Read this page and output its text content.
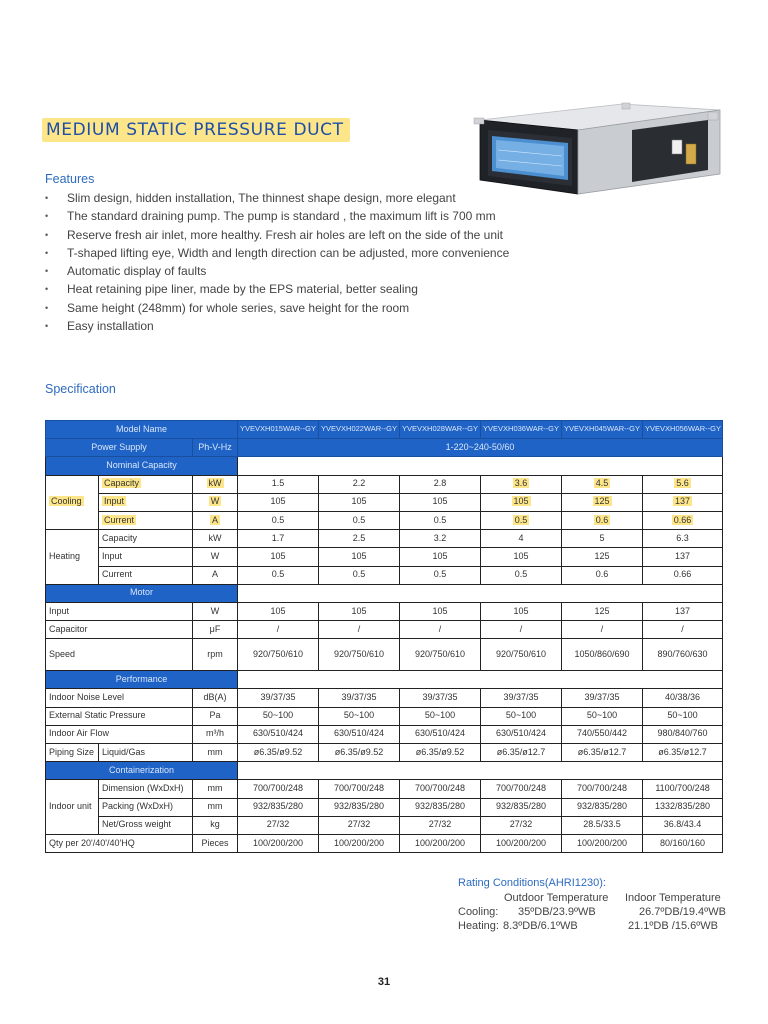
MEDIUM STATIC PRESSURE DUCT
Features
• Slim design, hidden installation, The thinnest shape design, more elegant
• The standard draining pump. The pump is standard , the maximum lift is 700 mm
• Reserve fresh air inlet, more healthy. Fresh air holes are left on the side of the unit
• T-shaped lifting eye, Width and length direction can be adjusted, more convenience
• Automatic display of faults
• Heat retaining pipe liner, made by the EPS material, better sealing
• Same height (248mm) for whole series, save height for the room
• Easy installation
Specification
Model Name			YVEVXH015WAR--GY	YVEVXH022WAR--GY	YVEVXH028WAR--GY	YVEVXH036WAR--GY	YVEVXH045WAR--GY	YVEVXH056WAR--GY
Power Supply		Ph-V-Hz	1-220~240-50/60					
Nominal Capacity								
Cooling	Capacity	kW	1.5	2.2	2.8	3.6	4.5	5.6
	Input	W	105	105	105	105	125	137
	Current	A	0.5	0.5	0.5	0.5	0.6	0.66
Heating	Capacity	kW	1.7	2.5	3.2	4	5	6.3
	Input	W	105	105	105	105	125	137
	Current	A	0.5	0.5	0.5	0.5	0.6	0.66
Motor								
Input		W	105	105	105	105	125	137
Capacitor		μF	/	/	/	/	/	/
Speed		rpm	920/750/610	920/750/610	920/750/610	920/750/610	1050/860/690	890/760/630
Performance								
Indoor Noise Level		dB(A)	39/37/35	39/37/35	39/37/35	39/37/35	39/37/35	40/38/36
External Static Pressure		Pa	50~100	50~100	50~100	50~100	50~100	50~100
Indoor Air Flow		m³/h	630/510/424	630/510/424	630/510/424	630/510/424	740/550/442	980/840/760
Piping Size	Liquid/Gas	mm	ø6.35/ø9.52	ø6.35/ø9.52	ø6.35/ø9.52	ø6.35/ø12.7	ø6.35/ø12.7	ø6.35/ø12.7
Containerization								
Indoor unit	Dimension (WxDxH)	mm	700/700/248	700/700/248	700/700/248	700/700/248	700/700/248	1100/700/248
	Packing (WxDxH)	mm	932/835/280	932/835/280	932/835/280	932/835/280	932/835/280	1332/835/280
	Net/Gross weight	kg	27/32	27/32	27/32	27/32	28.5/33.5	36.8/43.4
Qty per 20'/40'/40'HQ		Pieces	100/200/200	100/200/200	100/200/200	100/200/200	100/200/200	80/160/160
Rating Conditions(AHRI1230):
Outdoor Temperature Indoor Temperature
Cooling: 35ºDB/23.9ºWB	26.7ºDB/19.4ºWB
Heating: 8.3ºDB/6.1ºWB	21.1ºDB /15.6ºWB
31
